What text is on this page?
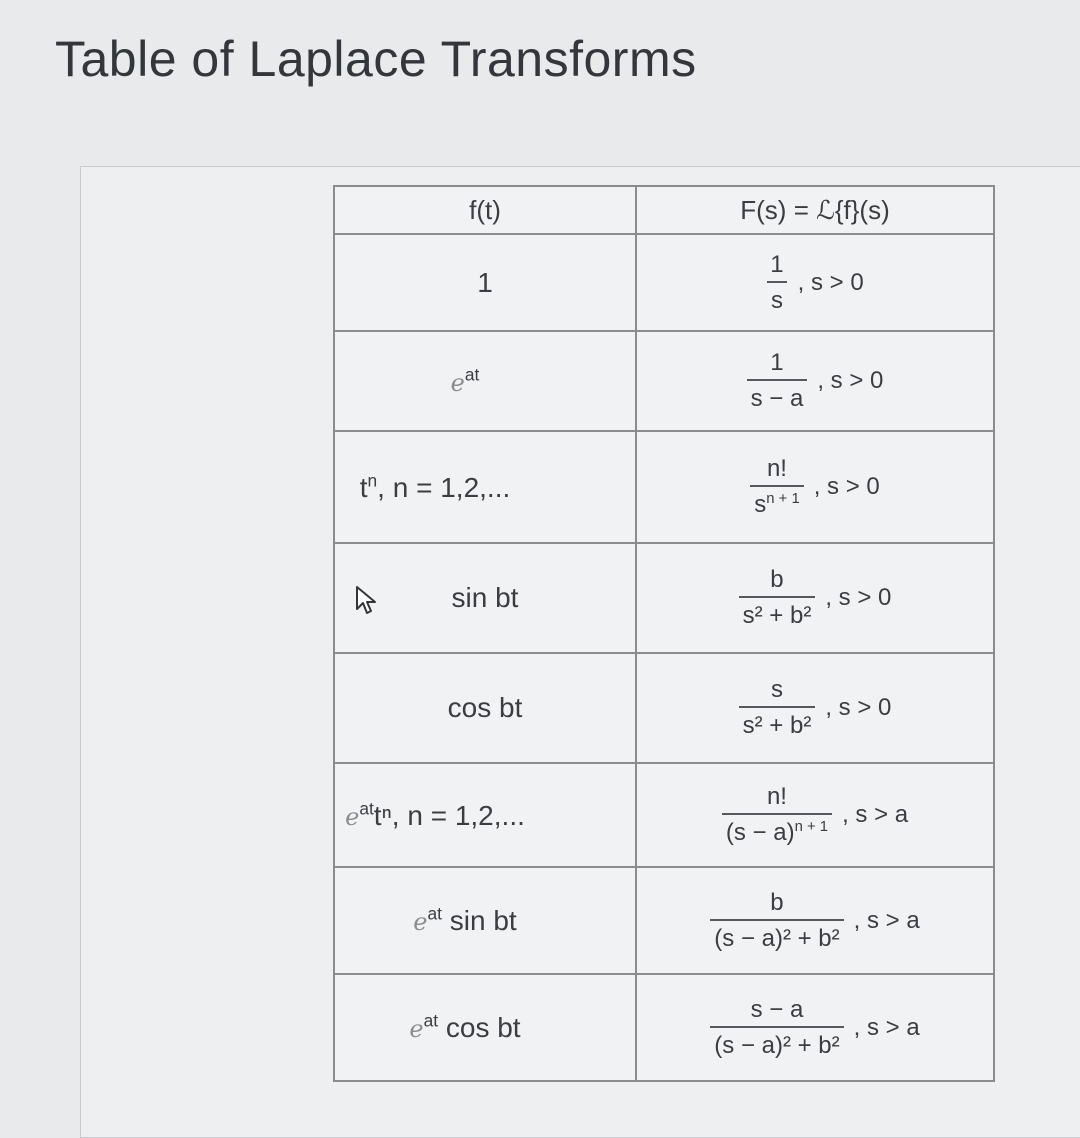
Table of Laplace Transforms
f(t)	F(s) = ℒ{f}(s)
1	$\frac{1}{s}$ , s > 0

$e^{at}$	$\frac{1}{s - a}$ , s > 0

$t^n$, n = 1,2,...	$\frac{n!}{s^{n + 1}}$ , s > 0

sin bt	$\frac{b}{\text{s² + b²}}$ , s > 0

cos bt	$\frac{s}{\text{s² + b²}}$ , s > 0

$e^{at}t^n$, n = 1,2,...	$\frac{n!}{(s - a)^{n + 1}}$ , s > a

$e^{at}$ sin bt	$\frac{b}{\text{(s − a)² + b²}}$ , s > a

$e^{at}$ cos bt	$\frac{s - a}{\text{(s − a)² + b²}}$ , s > a
